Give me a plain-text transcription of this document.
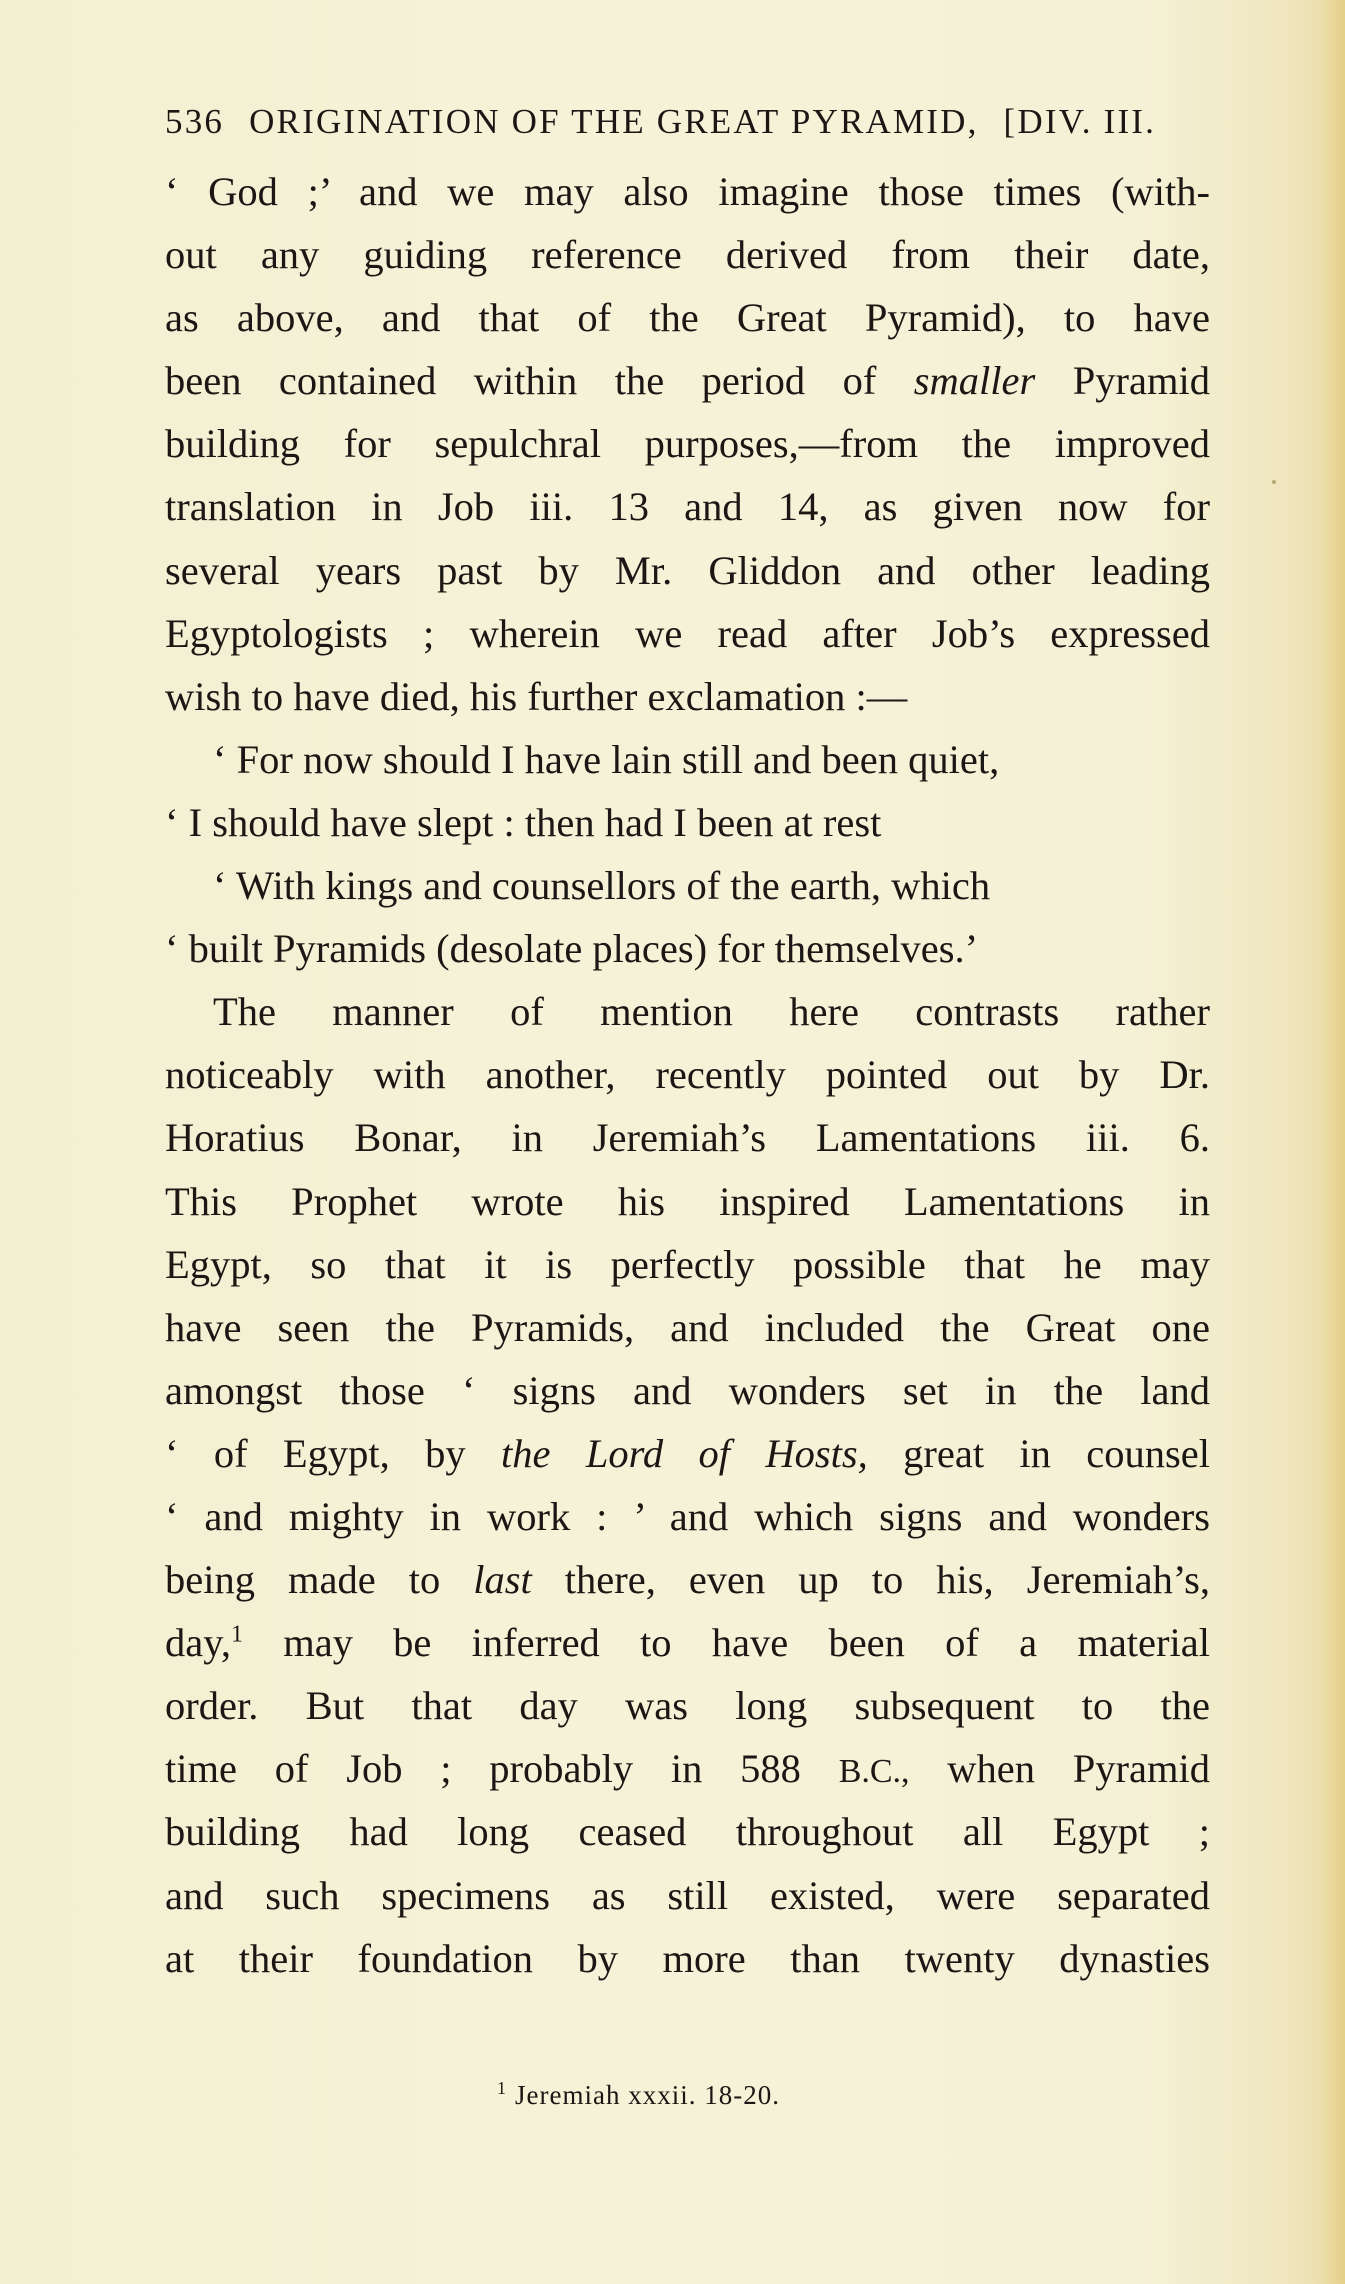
536 ORIGINATION OF THE GREAT PYRAMID, [DIV. III.
‘ God ;’ and we may also imagine those times (with-
out any guiding reference derived from their date,
as above, and that of the Great Pyramid), to have
been contained within the period of smaller Pyramid
building for sepulchral purposes,—from the improved
translation in Job iii. 13 and 14, as given now for
several years past by Mr. Gliddon and other leading
Egyptologists ; wherein we read after Job’s expressed
wish to have died, his further exclamation :—
‘ For now should I have lain still and been quiet,
‘ I should have slept : then had I been at rest
‘ With kings and counsellors of the earth, which
‘ built Pyramids (desolate places) for themselves.’
The manner of mention here contrasts rather
noticeably with another, recently pointed out by Dr.
Horatius Bonar, in Jeremiah’s Lamentations iii. 6.
This Prophet wrote his inspired Lamentations in
Egypt, so that it is perfectly possible that he may
have seen the Pyramids, and included the Great one
amongst those ‘ signs and wonders set in the land
‘ of Egypt, by the Lord of Hosts, great in counsel
‘ and mighty in work : ’ and which signs and wonders
being made to last there, even up to his, Jeremiah’s,
day,$^1$ may be inferred to have been of a material
order. But that day was long subsequent to the
time of Job ; probably in 588 B.C., when Pyramid
building had long ceased throughout all Egypt ;
and such specimens as still existed, were separated
at their foundation by more than twenty dynasties
$^1$ Jeremiah xxxii. 18-20.
